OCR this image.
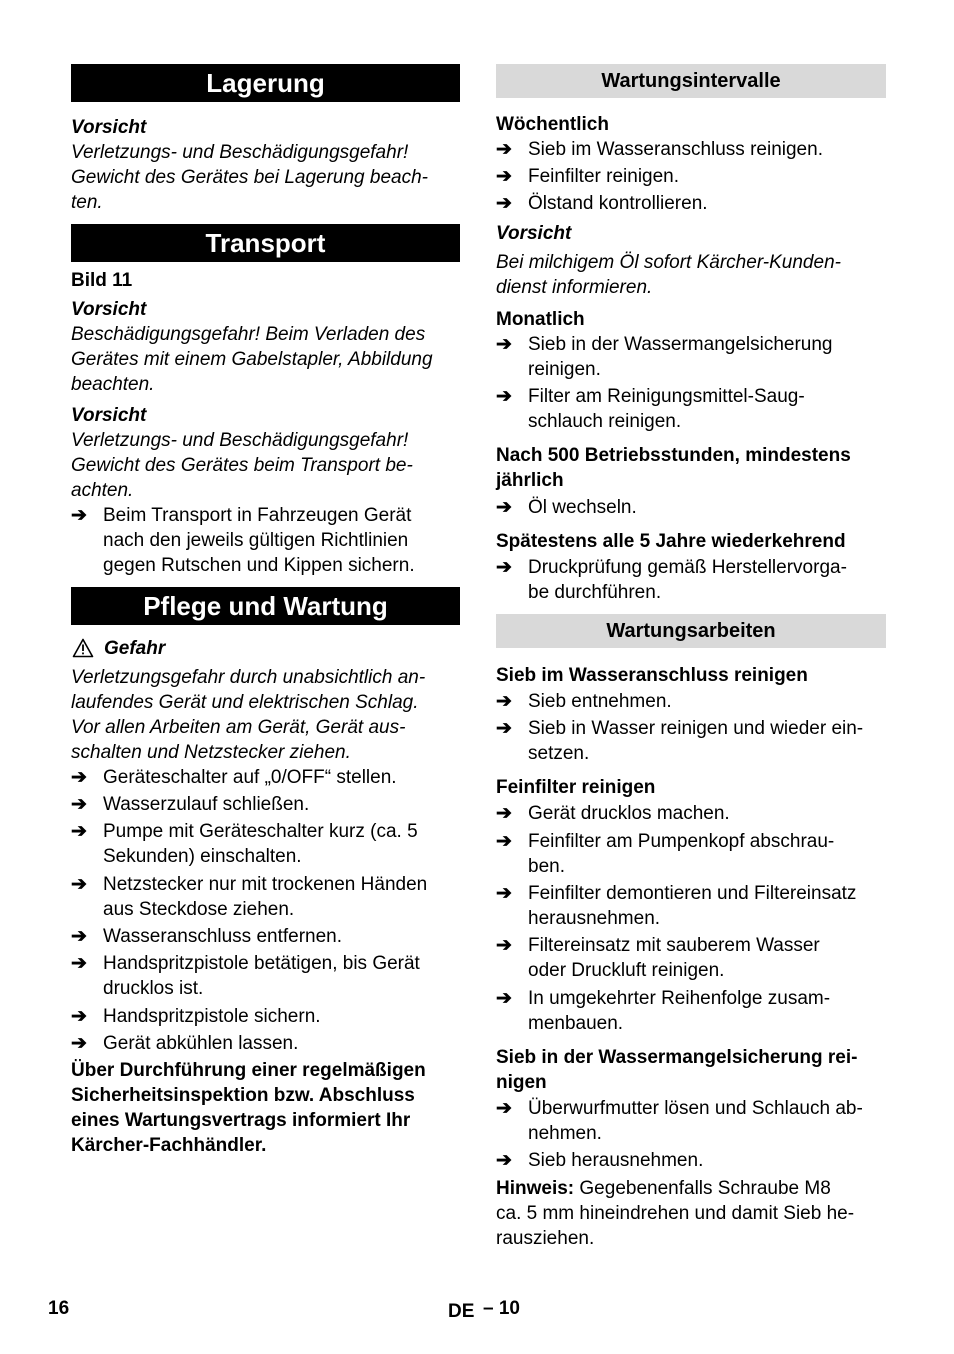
Lagerung
Vorsicht
Verletzungs- und Beschädigungsgefahr!
Gewicht des Gerätes bei Lagerung beach-
ten.
Transport
Bild 11
Vorsicht
Beschädigungsgefahr! Beim Verladen des
Gerätes mit einem Gabelstapler, Abbildung
beachten.
Vorsicht
Verletzungs- und Beschädigungsgefahr!
Gewicht des Gerätes beim Transport be-
achten.
➔ Beim Transport in Fahrzeugen Gerät
nach den jeweils gültigen Richtlinien
gegen Rutschen und Kippen sichern.
Pflege und Wartung
Gefahr
Verletzungsgefahr durch unabsichtlich an-
laufendes Gerät und elektrischen Schlag.
Vor allen Arbeiten am Gerät, Gerät aus-
schalten und Netzstecker ziehen.
➔ Geräteschalter auf „0/OFF“ stellen.
➔ Wasserzulauf schließen.
➔ Pumpe mit Geräteschalter kurz (ca. 5
Sekunden) einschalten.
➔ Netzstecker nur mit trockenen Händen
aus Steckdose ziehen.
➔ Wasseranschluss entfernen.
➔ Handspritzpistole betätigen, bis Gerät
drucklos ist.
➔ Handspritzpistole sichern.
➔ Gerät abkühlen lassen.
Über Durchführung einer regelmäßigen
Sicherheitsinspektion bzw. Abschluss
eines Wartungsvertrags informiert Ihr
Kärcher-Fachhändler.
Wartungsintervalle
Wöchentlich
➔ Sieb im Wasseranschluss reinigen.
➔ Feinfilter reinigen.
➔ Ölstand kontrollieren.
Vorsicht
Bei milchigem Öl sofort Kärcher-Kunden-
dienst informieren.
Monatlich
➔ Sieb in der Wassermangelsicherung
reinigen.
➔ Filter am Reinigungsmittel-Saug-
schlauch reinigen.
Nach 500 Betriebsstunden, mindestens
jährlich
➔ Öl wechseln.
Spätestens alle 5 Jahre wiederkehrend
➔ Druckprüfung gemäß Herstellervorga-
be durchführen.
Wartungsarbeiten
Sieb im Wasseranschluss reinigen
➔ Sieb entnehmen.
➔ Sieb in Wasser reinigen und wieder ein-
setzen.
Feinfilter reinigen
➔ Gerät drucklos machen.
➔ Feinfilter am Pumpenkopf abschrau-
ben.
➔ Feinfilter demontieren und Filtereinsatz
herausnehmen.
➔ Filtereinsatz mit sauberem Wasser
oder Druckluft reinigen.
➔ In umgekehrter Reihenfolge zusam-
menbauen.
Sieb in der Wassermangelsicherung rei-
nigen
➔ Überwurfmutter lösen und Schlauch ab-
nehmen.
➔ Sieb herausnehmen.
Hinweis: Gegebenenfalls Schraube M8
ca. 5 mm hineindrehen und damit Sieb he-
rausziehen.
16	DE – 10
